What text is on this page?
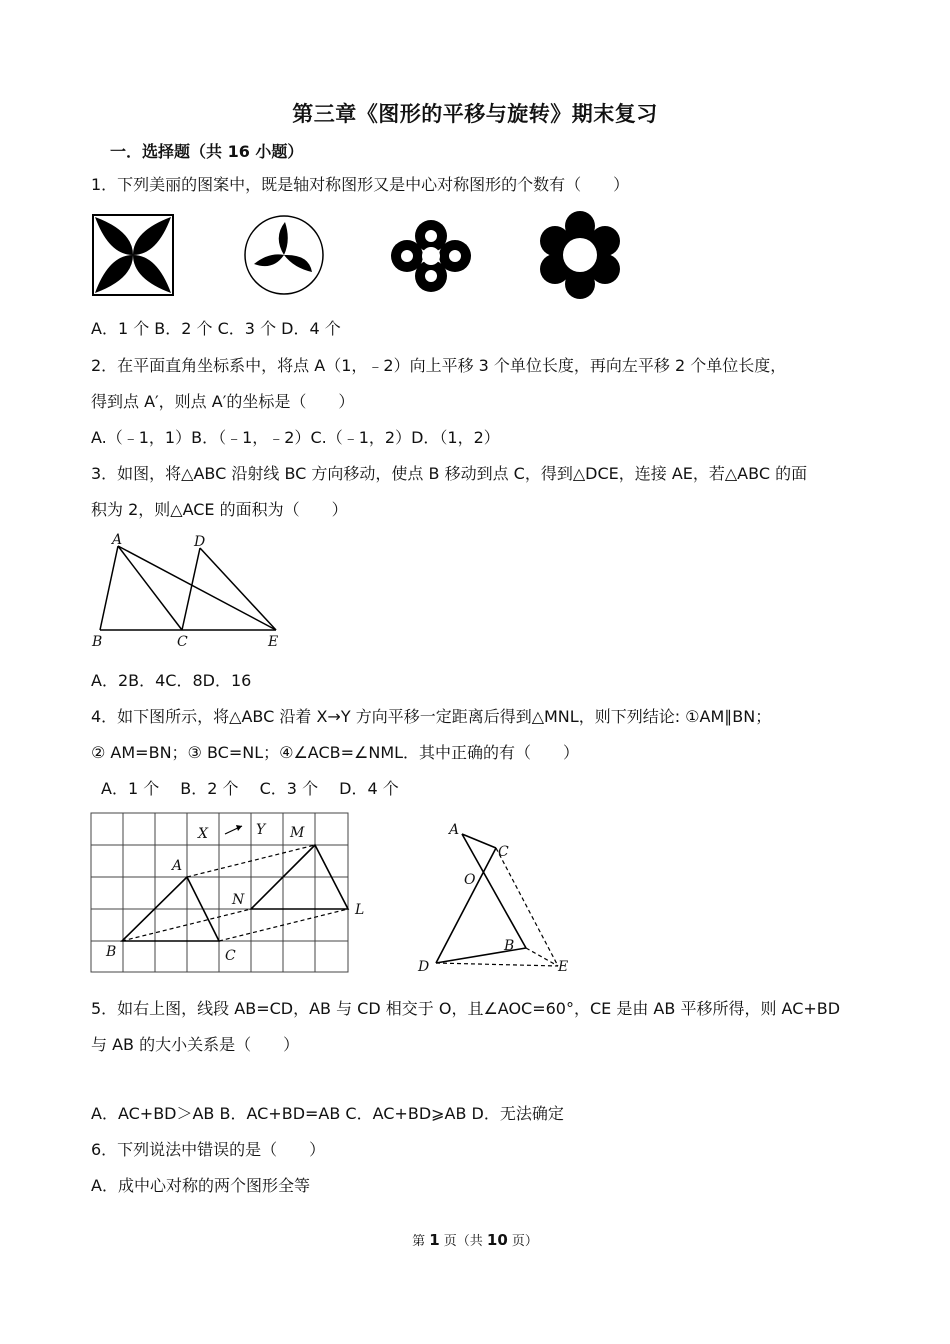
第三章《图形的平移与旋转》期末复习
一．选择题（共 16 小题）
1．下列美丽的图案中，既是轴对称图形又是中心对称图形的个数有（　　）
A．1 个 B．2 个 C．3 个 D．4 个
2．在平面直角坐标系中，将点 A（1，﹣2）向上平移 3 个单位长度，再向左平移 2 个单位长度，
得到点 A′，则点 A′的坐标是（　　）
A.（﹣1，1）B．（﹣1，﹣2）C.（﹣1，2）D．（1，2）
3．如图，将△ABC 沿射线 BC 方向移动，使点 B 移动到点 C，得到△DCE，连接 AE，若△ABC 的面
积为 2，则△ACE 的面积为（　　）
A
B	C
D
E
A．2B．4C．8D．16
4．如下图所示，将△ABC 沿着 X→Y 方向平移一定距离后得到△MNL，则下列结论: ①AM∥BN；
② AM=BN；③ BC=NL；④∠ACB=∠NML．其中正确的有（　　）
A．1 个　 B．2 个　 C．3 个　 D．4 个
X	Y M
A
N
L
B	C
A
C
O
B
D	E
5．如右上图，线段 AB=CD，AB 与 CD 相交于 O，且∠AOC=60°，CE 是由 AB 平移所得，则 AC+BD
与 AB 的大小关系是（　　）
A．AC+BD＞AB B．AC+BD=AB C．AC+BD⩾AB D．无法确定
6．下列说法中错误的是（　　）
A．成中心对称的两个图形全等
第 1 页（共 10 页）
